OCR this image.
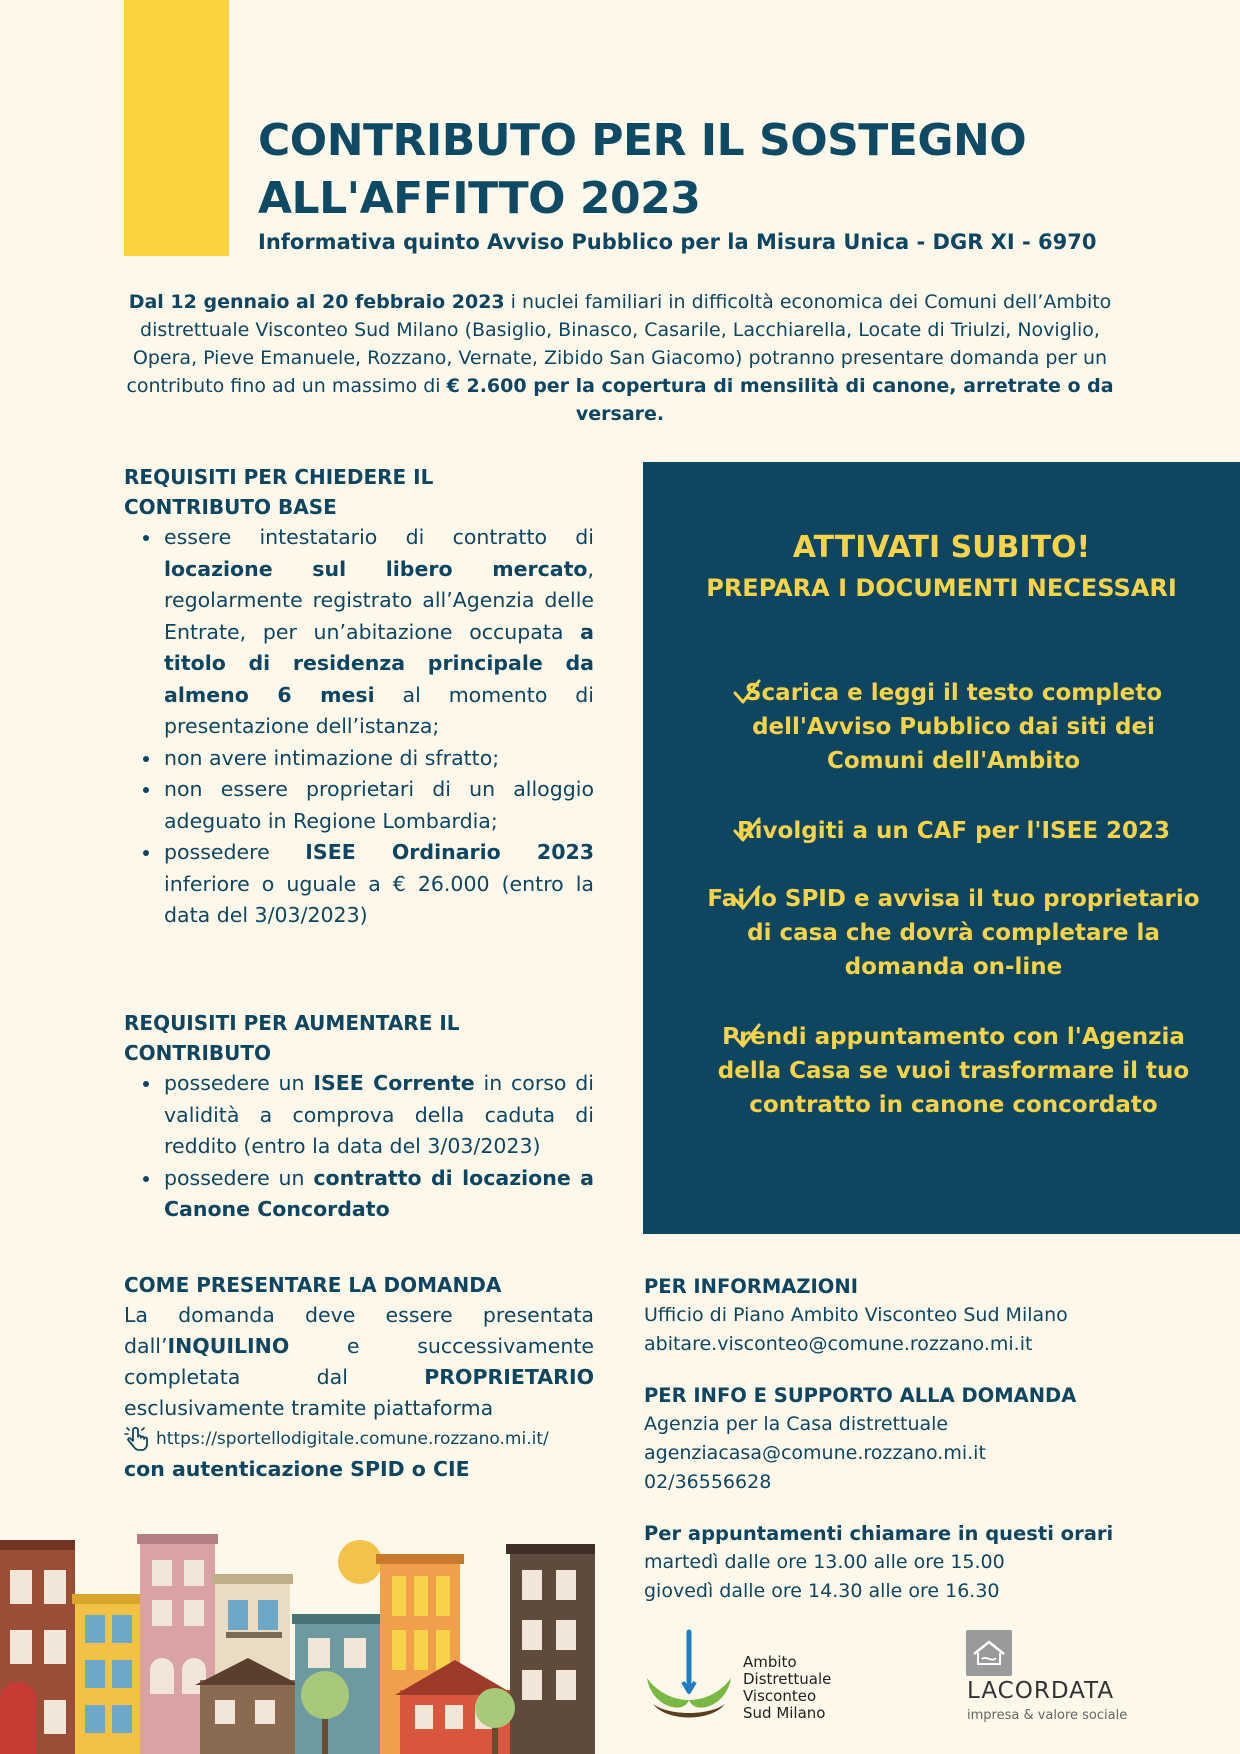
CONTRIBUTO PER IL SOSTEGNO
ALL'AFFITTO 2023
Informativa quinto Avviso Pubblico per la Misura Unica - DGR XI - 6970
Dal 12 gennaio al 20 febbraio 2023 i nuclei familiari in difficoltà economica dei Comuni dell’Ambito distrettuale Visconteo Sud Milano (Basiglio, Binasco, Casarile, Lacchiarella, Locate di Triulzi, Noviglio, Opera, Pieve Emanuele, Rozzano, Vernate, Zibido San Giacomo) potranno presentare domanda per un contributo fino ad un massimo di € 2.600 per la copertura di mensilità di canone, arretrate o da versare.
REQUISITI PER CHIEDERE IL
CONTRIBUTO BASE
• essere intestatario di contratto di locazione sul libero mercato, regolarmente registrato all’Agenzia delle Entrate, per un’abitazione occupata a titolo di residenza principale da almeno 6 mesi al momento di presentazione dell’istanza;
• non avere intimazione di sfratto;
• non essere proprietari di un alloggio adeguato in Regione Lombardia;
• possedere ISEE Ordinario 2023 inferiore o uguale a € 26.000 (entro la data del 3/03/2023)
REQUISITI PER AUMENTARE IL
CONTRIBUTO
• possedere un ISEE Corrente in corso di validità a comprova della caduta di reddito (entro la data del 3/03/2023)
• possedere un contratto di locazione a Canone Concordato
COME PRESENTARE LA DOMANDA
La domanda deve essere presentata dall’INQUILINO e successivamente completata dal PROPRIETARIO esclusivamente tramite piattaforma
https://sportellodigitale.comune.rozzano.mi.it/
con autenticazione SPID o CIE
ATTIVATI SUBITO!
PREPARA I DOCUMENTI NECESSARI
Scarica e leggi il testo completo dell'Avviso Pubblico dai siti dei Comuni dell'Ambito
Rivolgiti a un CAF per l'ISEE 2023
Fai lo SPID e avvisa il tuo proprietario di casa che dovrà completare la domanda on-line
Prendi appuntamento con l'Agenzia della Casa se vuoi trasformare il tuo contratto in canone concordato
PER INFORMAZIONI
Ufficio di Piano Ambito Visconteo Sud Milano
abitare.visconteo@comune.rozzano.mi.it
PER INFO E SUPPORTO ALLA DOMANDA
Agenzia per la Casa distrettuale
agenziacasa@comune.rozzano.mi.it
02/36556628
Per appuntamenti chiamare in questi orari
martedì dalle ore 13.00 alle ore 15.00
giovedì dalle ore 14.30 alle ore 16.30
Ambito
Distrettuale
Visconteo
Sud Milano
LACORDATA
impresa & valore sociale
